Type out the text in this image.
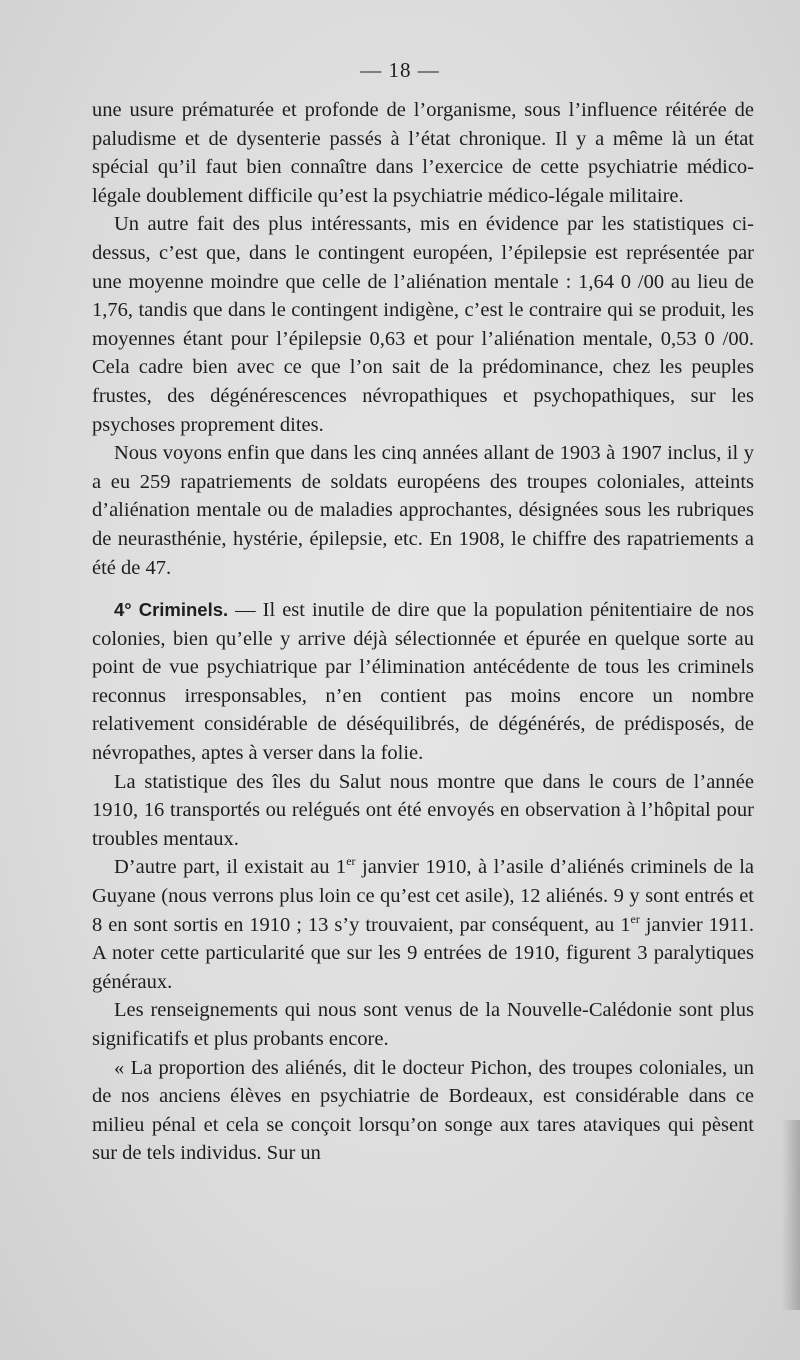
— 18 —

une usure prématurée et profonde de l’organisme, sous l’influence réitérée de paludisme et de dysenterie passés à l’état chronique. Il y a même là un état spécial qu’il faut bien connaître dans l’exercice de cette psychiatrie médico-légale doublement difficile qu’est la psychiatrie médico-légale militaire.

Un autre fait des plus intéressants, mis en évidence par les statistiques ci-dessus, c’est que, dans le contingent européen, l’épilepsie est représentée par une moyenne moindre que celle de l’aliénation mentale : 1,64 0 /00 au lieu de 1,76, tandis que dans le contingent indigène, c’est le contraire qui se produit, les moyennes étant pour l’épilepsie 0,63 et pour l’aliénation mentale, 0,53 0 /00. Cela cadre bien avec ce que l’on sait de la prédominance, chez les peuples frustes, des dégénérescences névropathiques et psychopathiques, sur les psychoses proprement dites.

Nous voyons enfin que dans les cinq années allant de 1903 à 1907 inclus, il y a eu 259 rapatriements de soldats européens des troupes coloniales, atteints d’aliénation mentale ou de maladies approchantes, désignées sous les rubriques de neurasthénie, hystérie, épilepsie, etc. En 1908, le chiffre des rapatriements a été de 47.

4° Criminels. — Il est inutile de dire que la population pénitentiaire de nos colonies, bien qu’elle y arrive déjà sélectionnée et épurée en quelque sorte au point de vue psychiatrique par l’élimination antécédente de tous les criminels reconnus irresponsables, n’en contient pas moins encore un nombre relativement considérable de déséquilibrés, de dégénérés, de prédisposés, de névropathes, aptes à verser dans la folie.

La statistique des îles du Salut nous montre que dans le cours de l’année 1910, 16 transportés ou relégués ont été envoyés en observation à l’hôpital pour troubles mentaux.

D’autre part, il existait au 1er janvier 1910, à l’asile d’aliénés criminels de la Guyane (nous verrons plus loin ce qu’est cet asile), 12 aliénés. 9 y sont entrés et 8 en sont sortis en 1910 ; 13 s’y trouvaient, par conséquent, au 1er janvier 1911. A noter cette particularité que sur les 9 entrées de 1910, figurent 3 paralytiques généraux.

Les renseignements qui nous sont venus de la Nouvelle-Calédonie sont plus significatifs et plus probants encore.

« La proportion des aliénés, dit le docteur Pichon, des troupes coloniales, un de nos anciens élèves en psychiatrie de Bordeaux, est considérable dans ce milieu pénal et cela se conçoit lorsqu’on songe aux tares ataviques qui pèsent sur de tels individus. Sur un
